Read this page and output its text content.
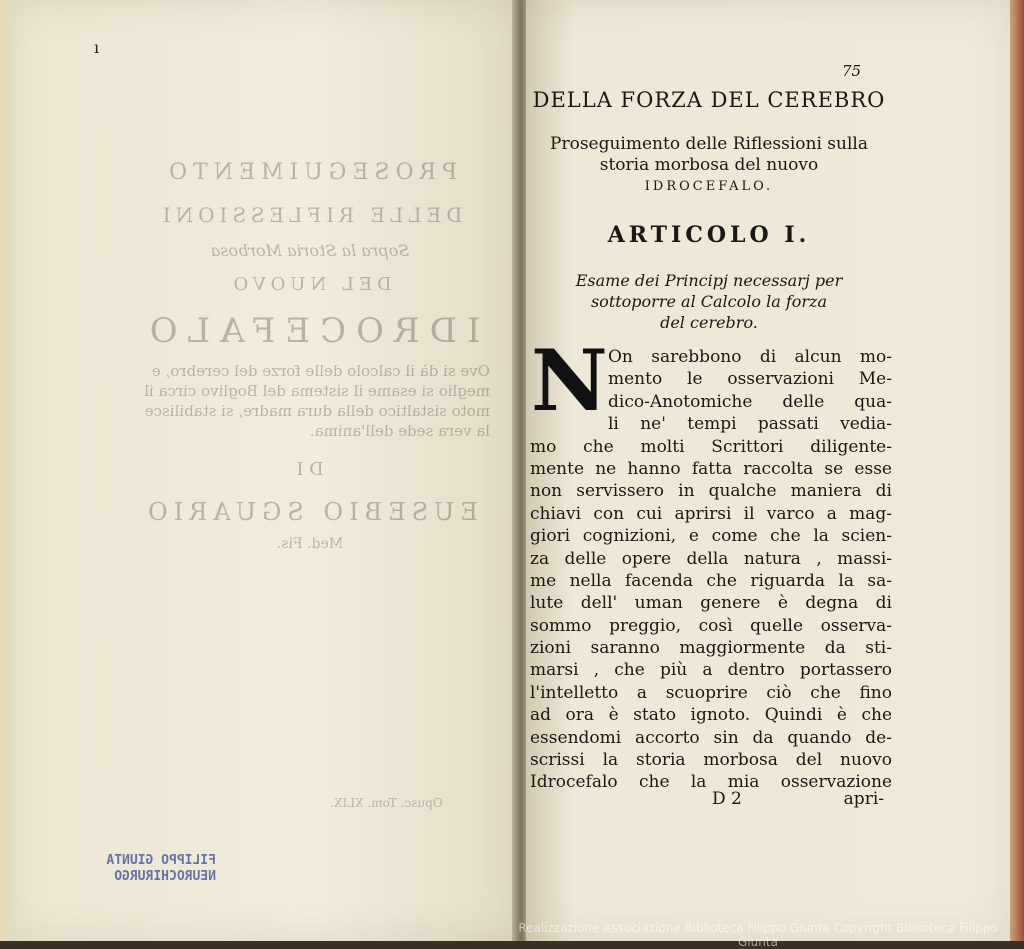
ı
PROSEGUIMENTO
DELLE RIFLESSIONI
Sopra la Storia Morbosa
DEL NUOVO
IDROCEFALO
Ove si dà il calcolo delle forze del cerebro, e meglio si esame il sistema del Boglivo circa il moto sistaltico della dura madre, si stabilisce la vera sede dell'anima.
D I
EUSEBIO SGUARIO
Med. Fis.
Opusc. Tom. XLIX.
FILIPPO GIUNTA
NEUROCHIRURGO
75
DELLA FORZA DEL CEREBRO
Proseguimento delle Riflessioni sulla
storia morbosa del nuovo
IDROCEFALO.
ARTICOLO I.
Esame dei Principj necessarj per
sottoporre al Calcolo la forza
del cerebro.
N On sarebbono di alcun mo-
mento le osservazioni Me-
dico-Anotomiche delle qua-
li ne' tempi passati vedia-
mo che molti Scrittori diligente-
mente ne hanno fatta raccolta se esse
non servissero in qualche maniera di
chiavi con cui aprirsi il varco a mag-
giori cognizioni, e come che la scien-
za delle opere della natura , massi-
me nella facenda che riguarda la sa-
lute dell' uman genere è degna di
sommo preggio, così quelle osserva-
zioni saranno maggiormente da sti-
marsi , che più a dentro portassero
l'intelletto a scuoprire ciò che fino
ad ora è stato ignoto. Quindi è che
essendomi accorto sin da quando de-
scrissi la storia morbosa del nuovo
Idrocefalo che la mia osservazione
D 2	apri-
Realizzazione Associazione Biblioteca Filippo Giunta Copyright Biblioteca Filippo Giunta
